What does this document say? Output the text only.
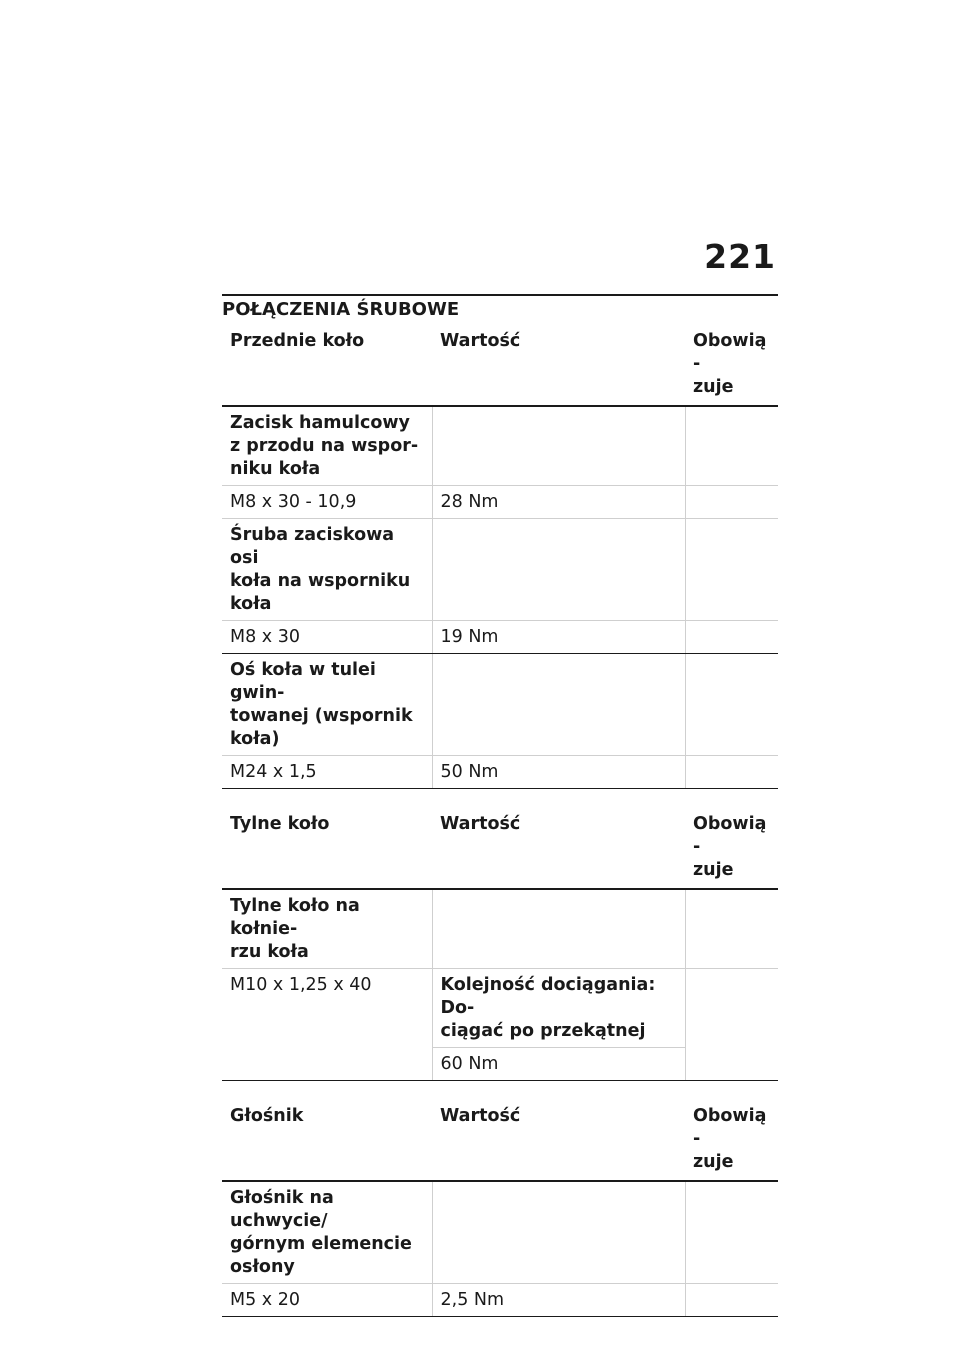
221
POŁĄCZENIA ŚRUBOWE
Przednie koło	Wartość	Obowią-
zuje
Zacisk hamulcowy
z przodu na wspor-
niku koła		
M8 x 30 - 10,9	28 Nm	
Śruba zaciskowa osi
koła na wsporniku
koła		
M8 x 30	19 Nm	
Oś koła w tulei gwin-
towanej (wspornik
koła)		
M24 x 1,5	50 Nm	
Tylne koło	Wartość	Obowią-
zuje
Tylne koło na kołnie-
rzu koła		
M10 x 1,25 x 40	Kolejność dociągania: Do-
ciągać po przekątnej	
	60 Nm	
Głośnik	Wartość	Obowią-
zuje
Głośnik na uchwycie/
górnym elemencie
osłony		
M5 x 20	2,5 Nm	
